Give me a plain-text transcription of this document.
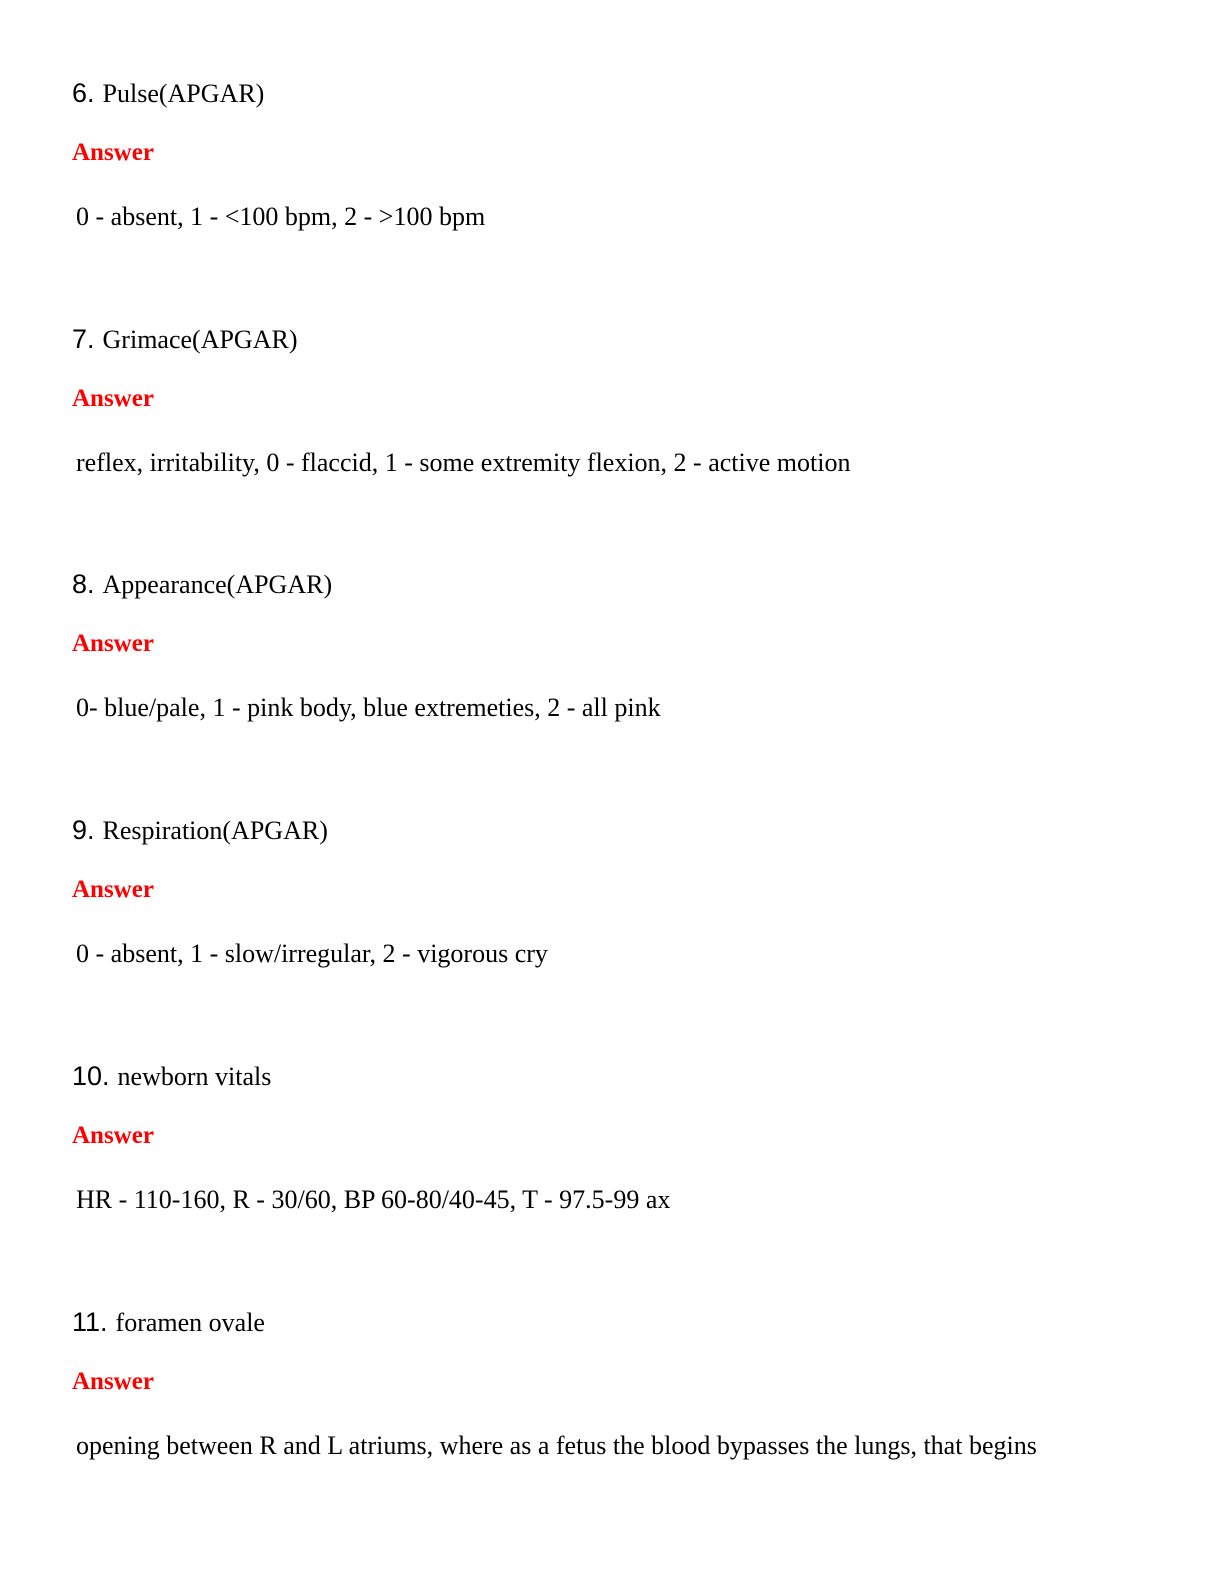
6. Pulse(APGAR)
Answer
0 - absent, 1 - <100 bpm, 2 - >100 bpm
7. Grimace(APGAR)
Answer
reflex, irritability, 0 - flaccid, 1 - some extremity flexion, 2 - active motion
8. Appearance(APGAR)
Answer
0- blue/pale, 1 - pink body, blue extremeties, 2 - all pink
9. Respiration(APGAR)
Answer
0 - absent, 1 - slow/irregular, 2 - vigorous cry
10. newborn vitals
Answer
HR - 110-160, R - 30/60, BP 60-80/40-45, T - 97.5-99 ax
11. foramen ovale
Answer
opening between R and L atriums, where as a fetus the blood bypasses the lungs, that begins
